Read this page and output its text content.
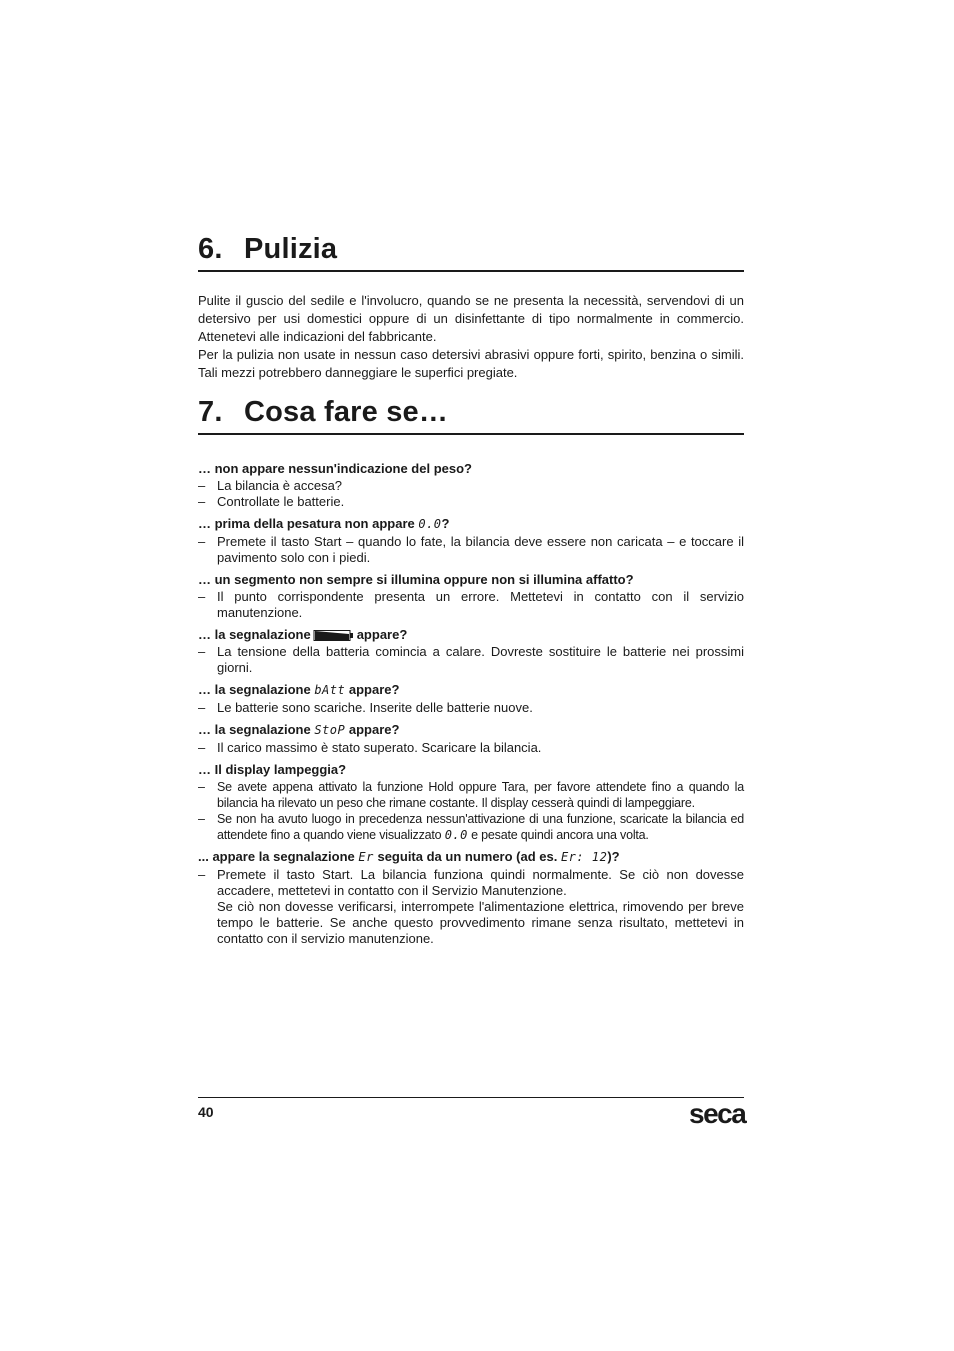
6. Pulizia

Pulite il guscio del sedile e l'involucro, quando se ne presenta la necessità, servendovi di un detersivo per usi domestici oppure di un disinfettante di tipo normalmente in commercio. Attenetevi alle indicazioni del fabbricante.

Per la pulizia non usate in nessun caso detersivi abrasivi oppure forti, spirito, benzina o simili. Tali mezzi potrebbero danneggiare le superfici pregiate.

7. Cosa fare se…

… non appare nessun'indicazione del peso?

– La bilancia è accesa?

– Controllate le batterie.

… prima della pesatura non appare 0.0?

– Premete il tasto Start – quando lo fate, la bilancia deve essere non caricata – e toccare il pavimento solo con i piedi.

… un segmento non sempre si illumina oppure non si illumina affatto?

– Il punto corrispondente presenta un errore. Mettetevi in contatto con il servizio manutenzione.

… la segnalazione	appare?

– La tensione della batteria comincia a calare. Dovreste sostituire le batterie nei prossimi giorni.

… la segnalazione bAtt appare?

– Le batterie sono scariche. Inserite delle batterie nuove.

… la segnalazione StoP appare?

– Il carico massimo è stato superato. Scaricare la bilancia.

… Il display lampeggia?

– Se avete appena attivato la funzione Hold oppure Tara, per favore attendete fino a quando la bilancia ha rilevato un peso che rimane costante. Il display cesserà quindi di lampeggiare.

– Se non ha avuto luogo in precedenza nessun'attivazione di una funzione, scaricate la bilancia ed attendete fino a quando viene visualizzato 0.0 e pesate quindi ancora una volta.

... appare la segnalazione Er seguita da un numero (ad es. Er: 12)?

– Premete il tasto Start. La bilancia funziona quindi normalmente. Se ciò non dovesse accadere, mettetevi in contatto con il Servizio Manutenzione.
Se ciò non dovesse verificarsi, interrompete l'alimentazione elettrica, rimovendo per breve tempo le batterie. Se anche questo provvedimento rimane senza risultato, mettetevi in contatto con il servizio manutenzione.

40	seca
